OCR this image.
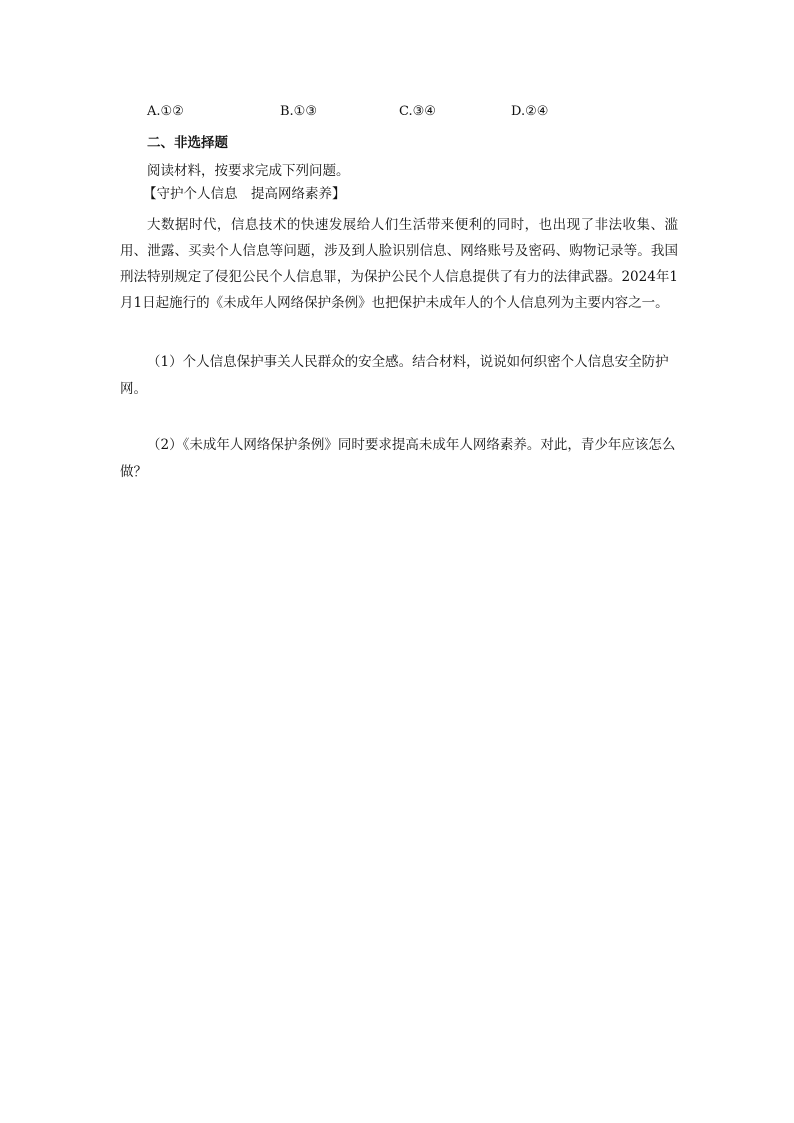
A.①②	B.①③	C.③④	D.②④
二、非选择题
阅读材料，按要求完成下列问题。
【守护个人信息　提高网络素养】
大数据时代，信息技术的快速发展给人们生活带来便利的同时，也出现了非法收集、滥用、泄露、买卖个人信息等问题，涉及到人脸识别信息、网络账号及密码、购物记录等。我国刑法特别规定了侵犯公民个人信息罪，为保护公民个人信息提供了有力的法律武器。2024年1月1日起施行的《未成年人网络保护条例》也把保护未成年人的个人信息列为主要内容之一。
（1）个人信息保护事关人民群众的安全感。结合材料，说说如何织密个人信息安全防护网。
（2）《未成年人网络保护条例》同时要求提高未成年人网络素养。对此，青少年应该怎么做？
